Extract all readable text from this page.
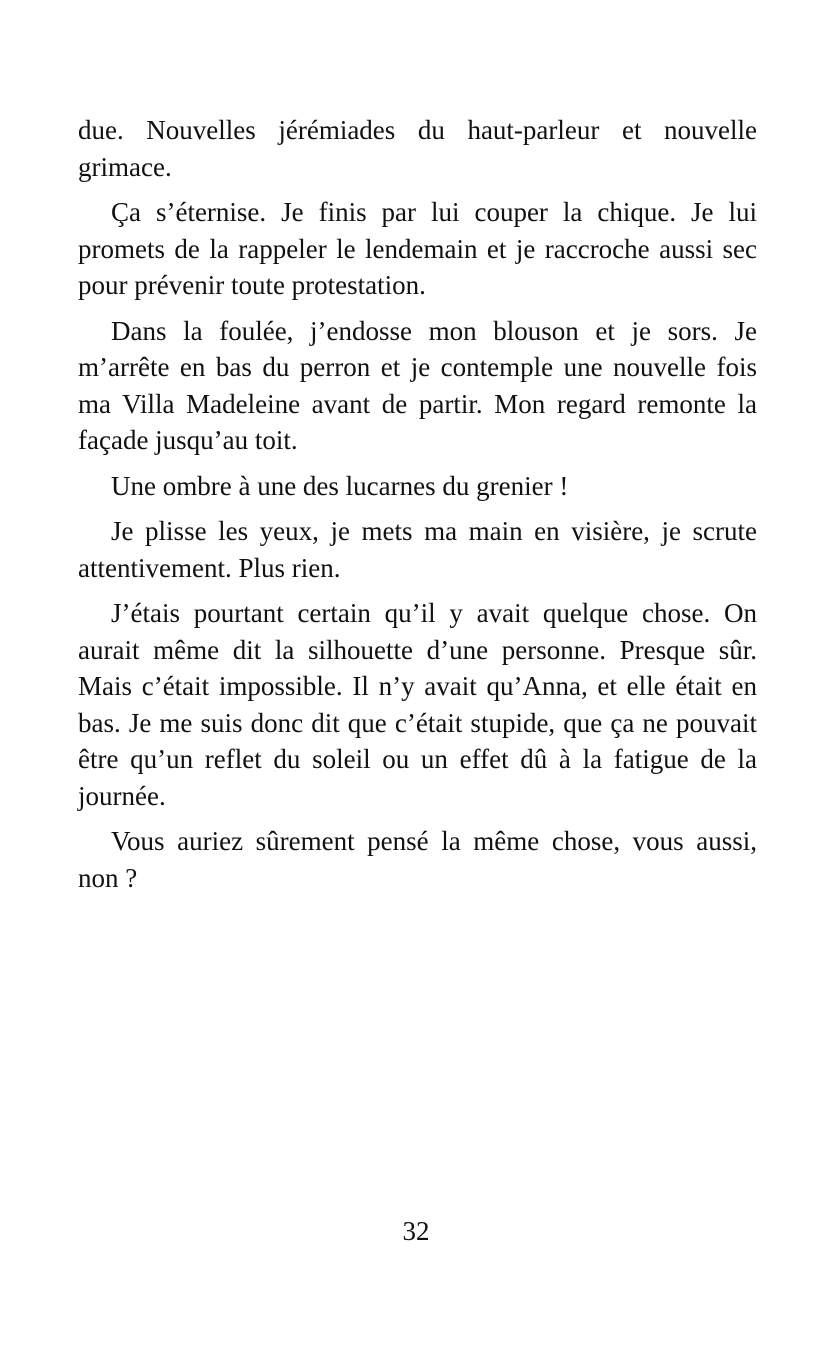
due. Nouvelles jérémiades du haut-parleur et nouvelle grimace.

Ça s’éternise. Je finis par lui couper la chique. Je lui promets de la rappeler le lendemain et je raccroche aussi sec pour prévenir toute protestation.

Dans la foulée, j’endosse mon blouson et je sors. Je m’arrête en bas du perron et je contemple une nouvelle fois ma Villa Madeleine avant de partir. Mon regard remonte la façade jusqu’au toit.

Une ombre à une des lucarnes du grenier !

Je plisse les yeux, je mets ma main en visière, je scrute attentivement. Plus rien.

J’étais pourtant certain qu’il y avait quelque chose. On aurait même dit la silhouette d’une personne. Presque sûr. Mais c’était impossible. Il n’y avait qu’Anna, et elle était en bas. Je me suis donc dit que c’était stupide, que ça ne pouvait être qu’un reflet du soleil ou un effet dû à la fatigue de la journée.

Vous auriez sûrement pensé la même chose, vous aussi, non ?

32
